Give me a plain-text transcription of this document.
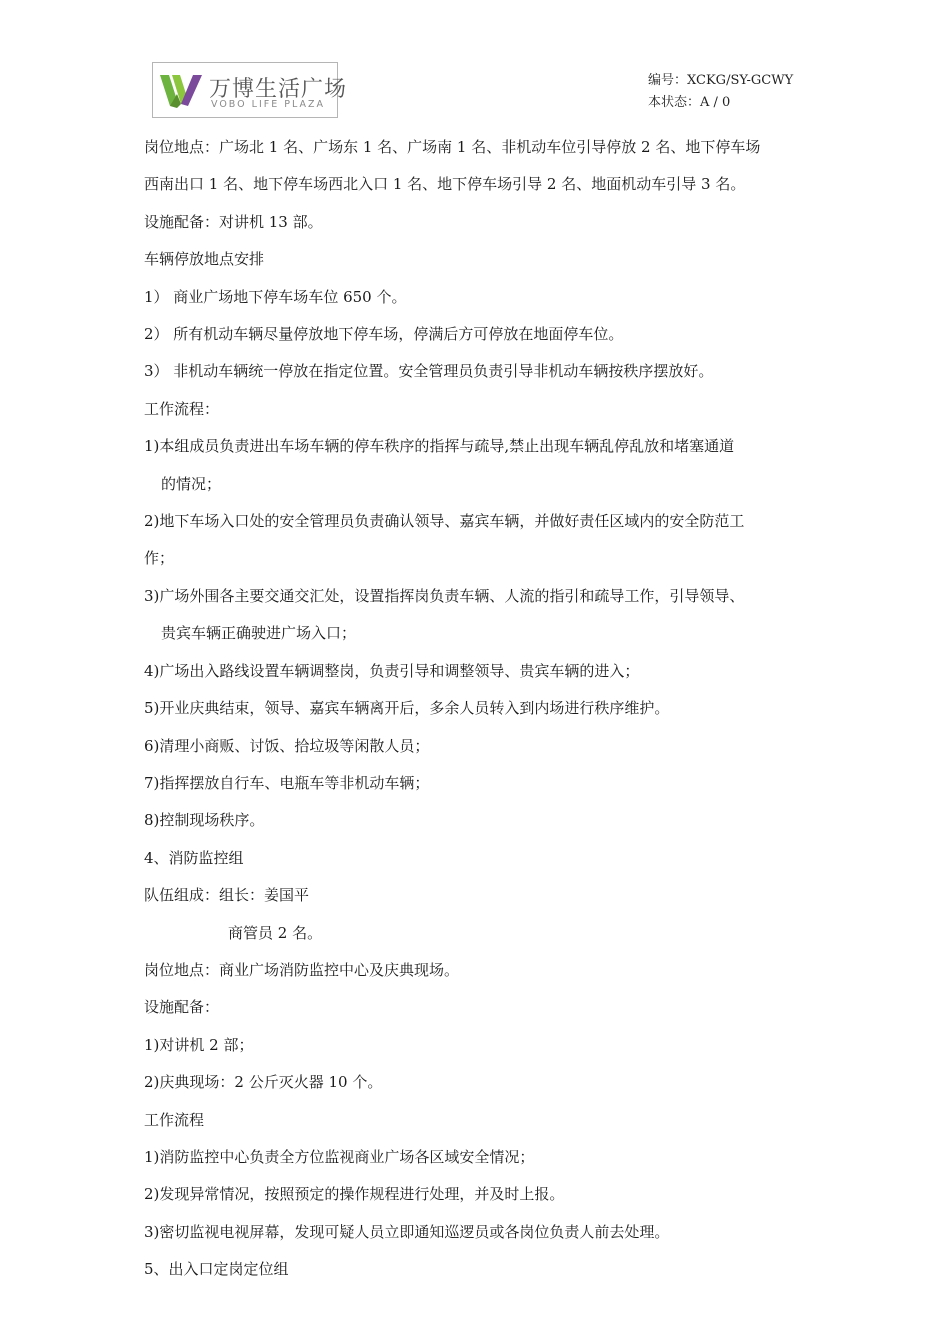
万博生活广场
VOBO LIFE PLAZA
编号：XCKG/SY-GCWY
本状态：A / 0
岗位地点：广场北 1 名、广场东 1 名、广场南 1 名、非机动车位引导停放 2 名、地下停车场
西南出口 1 名、地下停车场西北入口 1 名、地下停车场引导 2 名、地面机动车引导 3 名。
设施配备：对讲机 13 部。
车辆停放地点安排
1） 商业广场地下停车场车位 650 个。
2） 所有机动车辆尽量停放地下停车场，停满后方可停放在地面停车位。
3） 非机动车辆统一停放在指定位置。安全管理员负责引导非机动车辆按秩序摆放好。
工作流程：
1)本组成员负责进出车场车辆的停车秩序的指挥与疏导,禁止出现车辆乱停乱放和堵塞通道
的情况；
2)地下车场入口处的安全管理员负责确认领导、嘉宾车辆，并做好责任区域内的安全防范工
作；
3)广场外围各主要交通交汇处，设置指挥岗负责车辆、人流的指引和疏导工作，引导领导、
贵宾车辆正确驶进广场入口；
4)广场出入路线设置车辆调整岗，负责引导和调整领导、贵宾车辆的进入；
5)开业庆典结束，领导、嘉宾车辆离开后，多余人员转入到内场进行秩序维护。
6)清理小商贩、讨饭、拾垃圾等闲散人员；
7)指挥摆放自行车、电瓶车等非机动车辆；
8)控制现场秩序。
4、消防监控组
队伍组成：组长：姜国平
商管员 2 名。
岗位地点：商业广场消防监控中心及庆典现场。
设施配备：
1)对讲机 2 部；
2)庆典现场：2 公斤灭火器 10 个。
工作流程
1)消防监控中心负责全方位监视商业广场各区域安全情况；
2)发现异常情况，按照预定的操作规程进行处理，并及时上报。
3)密切监视电视屏幕，发现可疑人员立即通知巡逻员或各岗位负责人前去处理。
5、出入口定岗定位组
